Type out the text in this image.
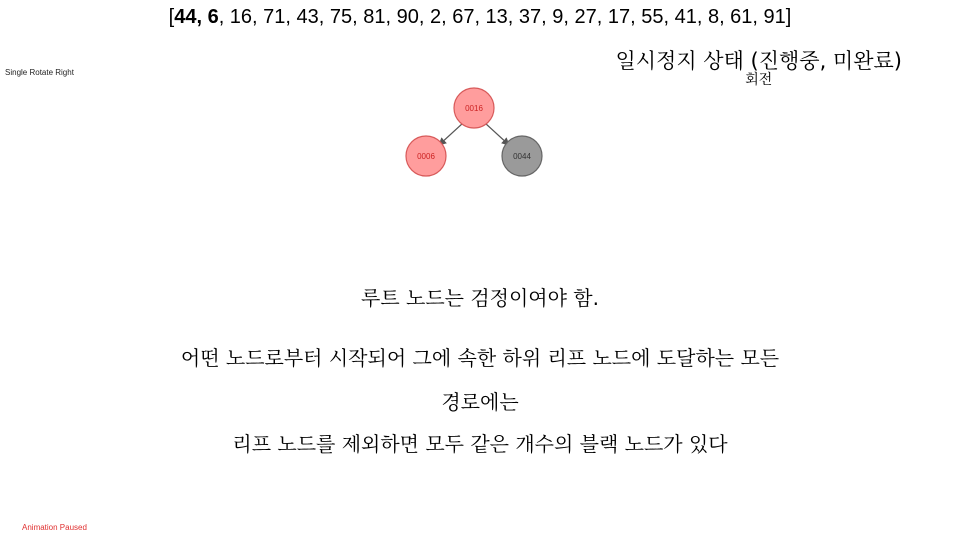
[44, 6, 16, 71, 43, 75, 81, 90, 2, 67, 13, 37, 9, 27, 17, 55, 41, 8, 61, 91]
Single Rotate Right	일시정지 상태 (진행중, 미완료)
회전
0016
0006	0044
루트 노드는 검정이여야 함.
어떤 노드로부터 시작되어 그에 속한 하위 리프 노드에 도달하는 모든
경로에는
리프 노드를 제외하면 모두 같은 개수의 블랙 노드가 있다
Animation Paused
